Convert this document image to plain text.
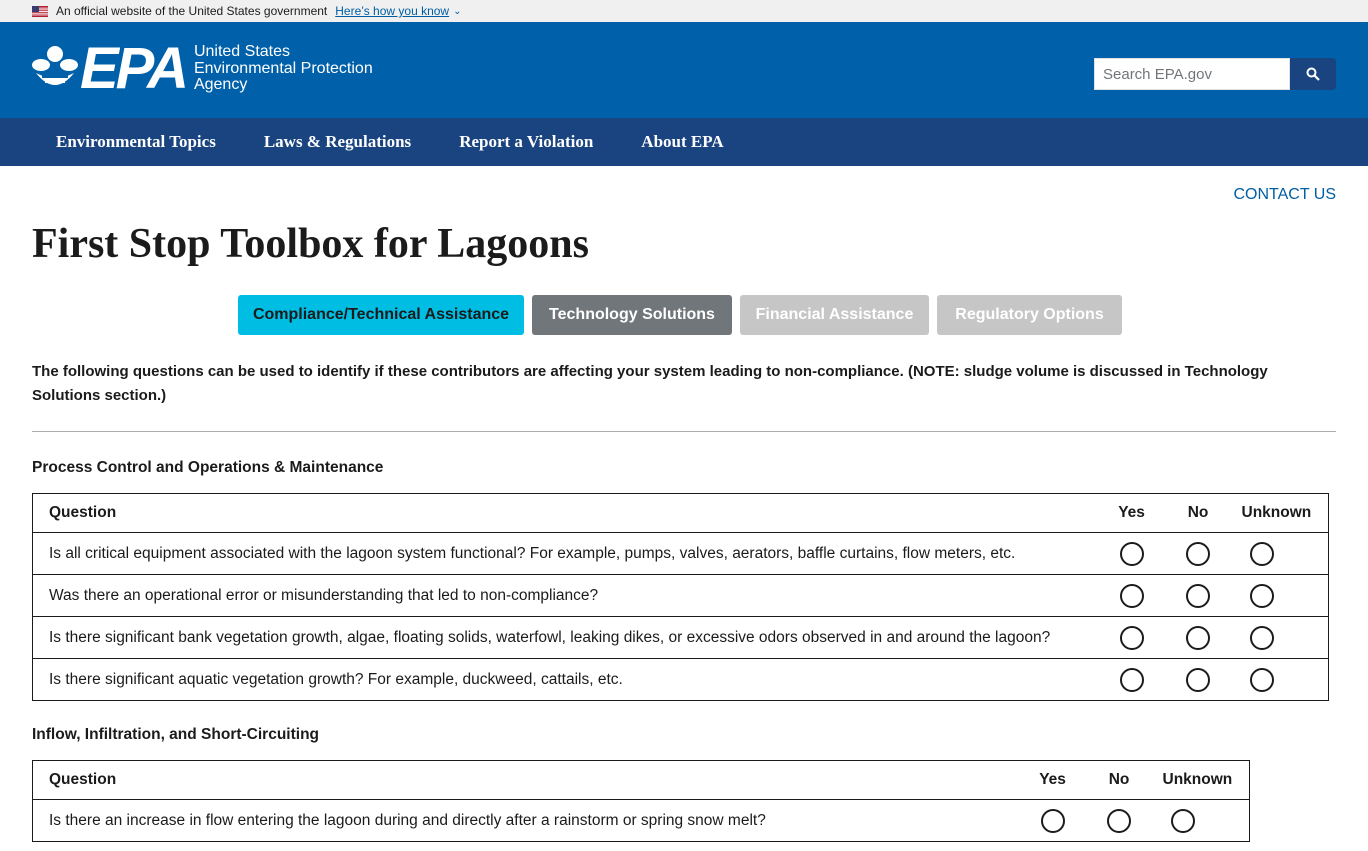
An official website of the United States government Here’s how you know ⌄
EPA United States
Environmental Protection
Agency
Search EPA.gov
Environmental Topics	Laws & Regulations	Report a Violation	About EPA
CONTACT US
First Stop Toolbox for Lagoons
Compliance/Technical Assistance	Technology Solutions	Financial Assistance	Regulatory Options

The following questions can be used to identify if these contributors are affecting your system leading to non-compliance. (NOTE: sludge volume is discussed in Technology Solutions section.)

Process Control and Operations & Maintenance
Question	Yes	No	Unknown
Is all critical equipment associated with the lagoon system functional? For example, pumps, valves, aerators, baffle curtains, flow meters, etc.			
Was there an operational error or misunderstanding that led to non-compliance?			
Is there significant bank vegetation growth, algae, floating solids, waterfowl, leaking dikes, or excessive odors observed in and around the lagoon?			
Is there significant aquatic vegetation growth? For example, duckweed, cattails, etc.			
Inflow, Infiltration, and Short-Circuiting
Question	Yes	No	Unknown
Is there an increase in flow entering the lagoon during and directly after a rainstorm or spring snow melt?			
